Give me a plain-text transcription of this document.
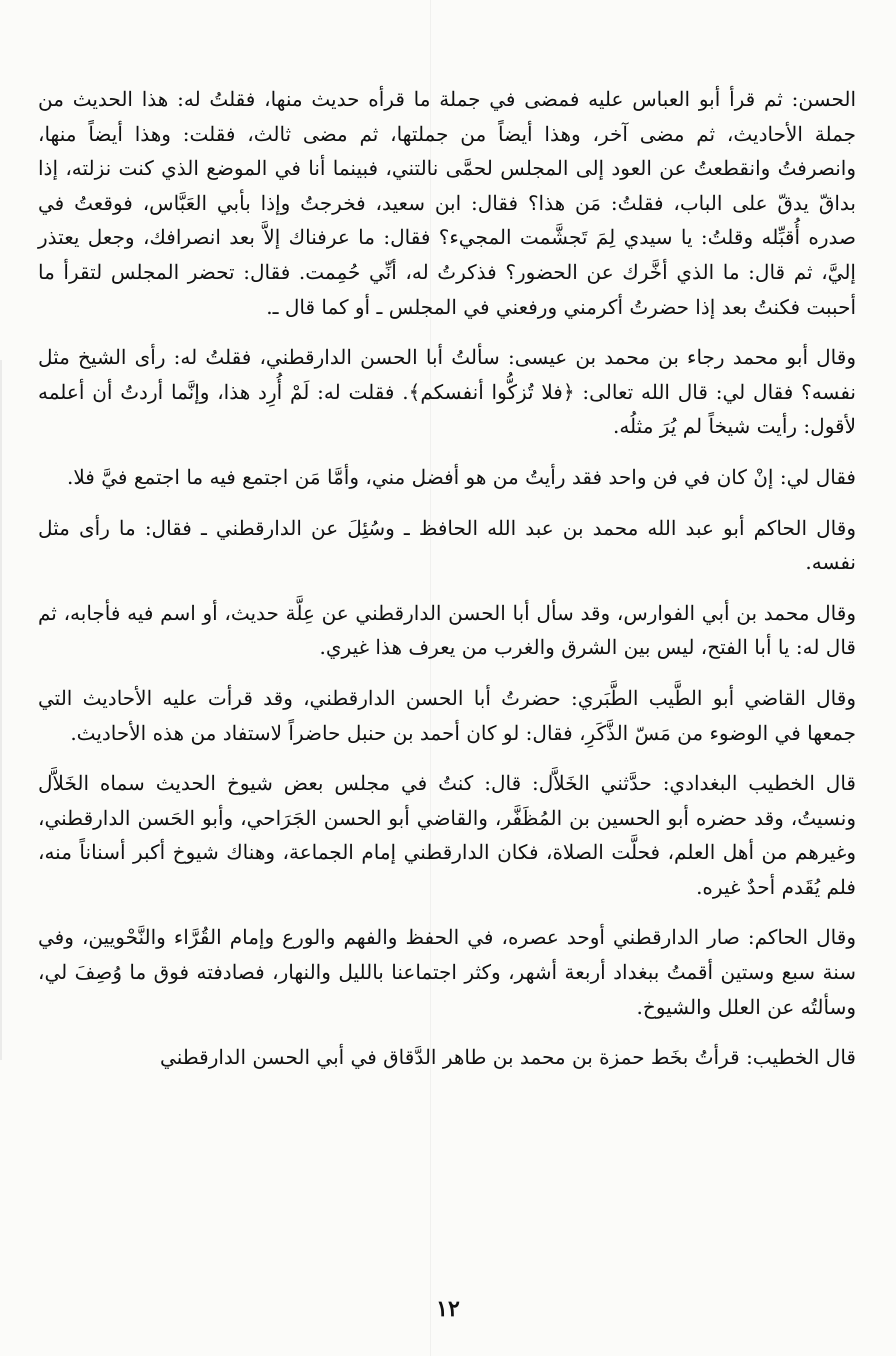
الحسن: ثم قرأ أبو العباس عليه فمضى في جملة ما قرأه حديث منها، فقلتُ له: هذا الحديث من جملة الأحاديث، ثم مضى آخر، وهذا أيضاً من جملتها، ثم مضى ثالث، فقلت: وهذا أيضاً منها، وانصرفتُ وانقطعتُ عن العود إلى المجلس لحمَّى نالتني، فبينما أنا في الموضع الذي كنت نزلته، إذا بداقّ يدقّ على الباب، فقلتُ: مَن هذا؟ فقال: ابن سعيد، فخرجتُ وإذا بأبي العَبَّاس، فوقعتُ في صدره أُقبِّله وقلتُ: يا سيدي لِمَ تَجشَّمت المجيء؟ فقال: ما عرفناك إلاَّ بعد انصرافك، وجعل يعتذر إليَّ، ثم قال: ما الذي أخَّرك عن الحضور؟ فذكرتُ له، أنِّي حُمِمت. فقال: تحضر المجلس لتقرأ ما أحببت فكنتُ بعد إذا حضرتُ أكرمني ورفعني في المجلس ـ أو كما قال ـ.

وقال أبو محمد رجاء بن محمد بن عيسى: سألتُ أبا الحسن الدارقطني، فقلتُ له: رأى الشيخ مثل نفسه؟ فقال لي: قال الله تعالى: ﴿فلا تُزكُّوا أنفسكم﴾. فقلت له: لَمْ أُرِد هذا، وإنَّما أردتُ أن أعلمه لأقول: رأيت شيخاً لم يُرَ مثلُه.

فقال لي: إنْ كان في فن واحد فقد رأيتُ من هو أفضل مني، وأمَّا مَن اجتمع فيه ما اجتمع فيَّ فلا.

وقال الحاكم أبو عبد الله محمد بن عبد الله الحافظ ـ وسُئِلَ عن الدارقطني ـ فقال: ما رأى مثل نفسه.

وقال محمد بن أبي الفوارس، وقد سأل أبا الحسن الدارقطني عن عِلَّة حديث، أو اسم فيه فأجابه، ثم قال له: يا أبا الفتح، ليس بين الشرق والغرب من يعرف هذا غيري.

وقال القاضي أبو الطَّيب الطَّبَري: حضرتُ أبا الحسن الدارقطني، وقد قرأت عليه الأحاديث التي جمعها في الوضوء من مَسّ الذَّكَرِ، فقال: لو كان أحمد بن حنبل حاضراً لاستفاد من هذه الأحاديث.

قال الخطيب البغدادي: حدَّثني الخَلاَّل: قال: كنتُ في مجلس بعض شيوخ الحديث سماه الخَلاَّل ونسيتُ، وقد حضره أبو الحسين بن المُظَفَّر، والقاضي أبو الحسن الجَرَاحي، وأبو الحَسن الدارقطني، وغيرهم من أهل العلم، فحلَّت الصلاة، فكان الدارقطني إمام الجماعة، وهناك شيوخ أكبر أسناناً منه، فلم يُقَدم أحدٌ غيره.

وقال الحاكم: صار الدارقطني أوحد عصره، في الحفظ والفهم والورع وإمام القُرَّاء والنَّحْويين، وفي سنة سبع وستين أقمتُ ببغداد أربعة أشهر، وكثر اجتماعنا بالليل والنهار، فصادفته فوق ما وُصِفَ لي، وسألتُه عن العلل والشيوخ.

قال الخطيب: قرأتُ بخَط حمزة بن محمد بن طاهر الدَّقاق في أبي الحسن الدارقطني

١٢
